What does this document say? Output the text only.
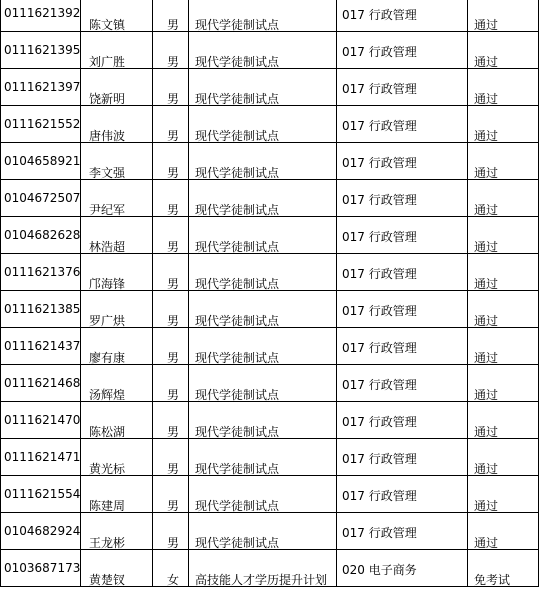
0111621392	陈文镇	男	现代学徒制试点	017 行政管理	通过

0111621395	刘广胜	男	现代学徒制试点	017 行政管理	通过

0111621397	饶新明	男	现代学徒制试点	017 行政管理	通过

0111621552	唐伟波	男	现代学徒制试点	017 行政管理	通过

0104658921	李文强	男	现代学徒制试点	017 行政管理	通过

0104672507	尹纪军	男	现代学徒制试点	017 行政管理	通过

0104682628	林浩超	男	现代学徒制试点	017 行政管理	通过

0111621376	邝海锋	男	现代学徒制试点	017 行政管理	通过

0111621385	罗广烘	男	现代学徒制试点	017 行政管理	通过

0111621437	廖有康	男	现代学徒制试点	017 行政管理	通过

0111621468	汤辉煌	男	现代学徒制试点	017 行政管理	通过

0111621470	陈松湖	男	现代学徒制试点	017 行政管理	通过

0111621471	黄光标	男	现代学徒制试点	017 行政管理	通过

0111621554	陈建周	男	现代学徒制试点	017 行政管理	通过

0104682924	王龙彬	男	现代学徒制试点	017 行政管理	通过

0103687173	黄楚钗	女	高技能人才学历提升计划	020 电子商务	免考试
